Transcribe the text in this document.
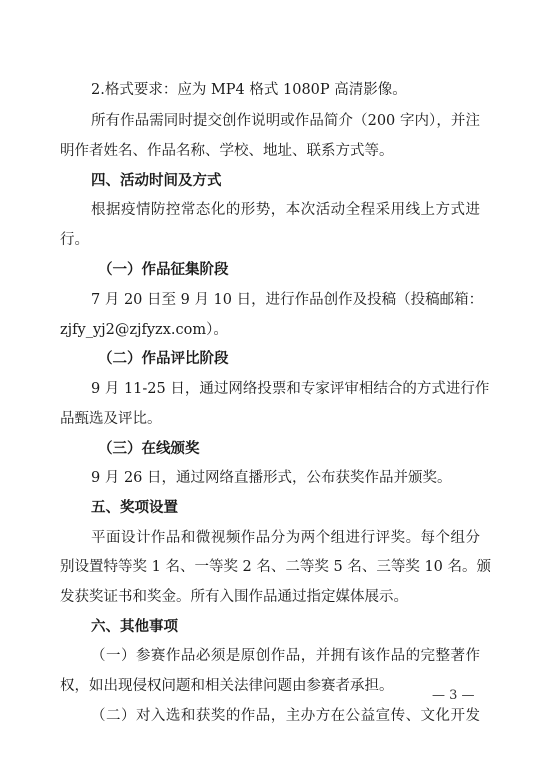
2.格式要求：应为 MP4 格式 1080P 高清影像。

所有作品需同时提交创作说明或作品简介（200 字内），并注

明作者姓名、作品名称、学校、地址、联系方式等。

四、活动时间及方式

根据疫情防控常态化的形势，本次活动全程采用线上方式进

行。

（一）作品征集阶段

7 月 20 日至 9 月 10 日，进行作品创作及投稿（投稿邮箱：

zjfy_yj2@zjfyzx.com）。

（二）作品评比阶段

9 月 11-25 日，通过网络投票和专家评审相结合的方式进行作

品甄选及评比。

（三）在线颁奖

9 月 26 日，通过网络直播形式，公布获奖作品并颁奖。

五、奖项设置

平面设计作品和微视频作品分为两个组进行评奖。每个组分

别设置特等奖 1 名、一等奖 2 名、二等奖 5 名、三等奖 10 名。颁

发获奖证书和奖金。所有入围作品通过指定媒体展示。

六、其他事项

（一）参赛作品必须是原创作品，并拥有该作品的完整著作

权，如出现侵权问题和相关法律问题由参赛者承担。

（二）对入选和获奖的作品，主办方在公益宣传、文化开发

— 3 —
